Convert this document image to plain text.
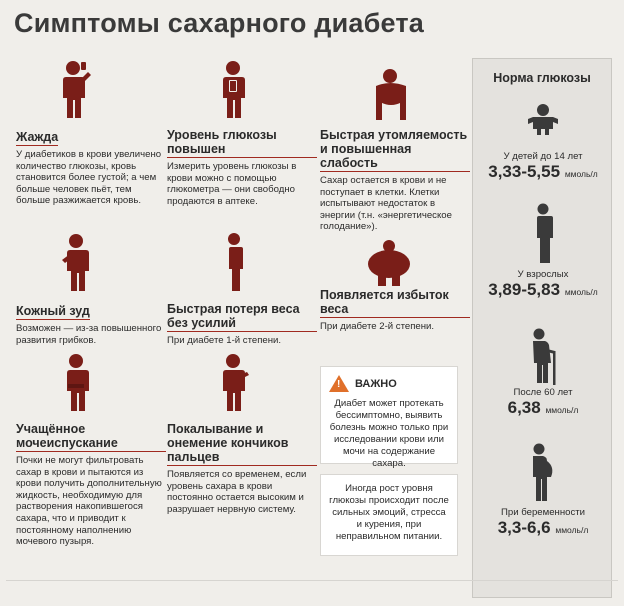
Симптомы сахарного диабета
Жажда

У диабетиков в крови увеличено количество глюкозы, кровь становится более густой; а чем больше человек пьёт, тем больше разжижается кровь.

Уровень глюкозы повышен

Измерить уровень глюкозы в крови можно с помощью глюкометра — они свободно продаются в аптеке.

Быстрая утомляемость и повышенная слабость

Сахар остается в крови и не поступает в клетки. Клетки испытывают недостаток в энергии (т.н. «энергетическое голодание»).

Кожный зуд

Возможен — из-за повышенного развития грибков.

Быстрая потеря веса без усилий

При диабете 1-й степени.

Появляется избыток веса

При диабете 2-й степени.

Учащённое мочеиспускание

Почки не могут фильтровать сахар в крови и пытаются из крови получить дополнительную жидкость, необходимую для растворения накопившегося сахара, что и приводит к постоянному наполнению мочевого пузыря.

Покалывание и онемение кончиков пальцев

Появляется со временем, если уровень сахара в крови постоянно остается высоким и разрушает нервную систему.

! ВАЖНО

Диабет может протекать бессимптомно, выявить болезнь можно только при исследовании крови или мочи на содержание сахара.

Иногда рост уровня глюкозы происходит после сильных эмоций, стресса и курения, при неправильном питании.

Норма глюкозы
У детей до 14 лет
3,33-5,55 ммоль/л
У взрослых
3,89-5,83 ммоль/л
После 60 лет
6,38 ммоль/л
При беременности
3,3-6,6 ммоль/л
